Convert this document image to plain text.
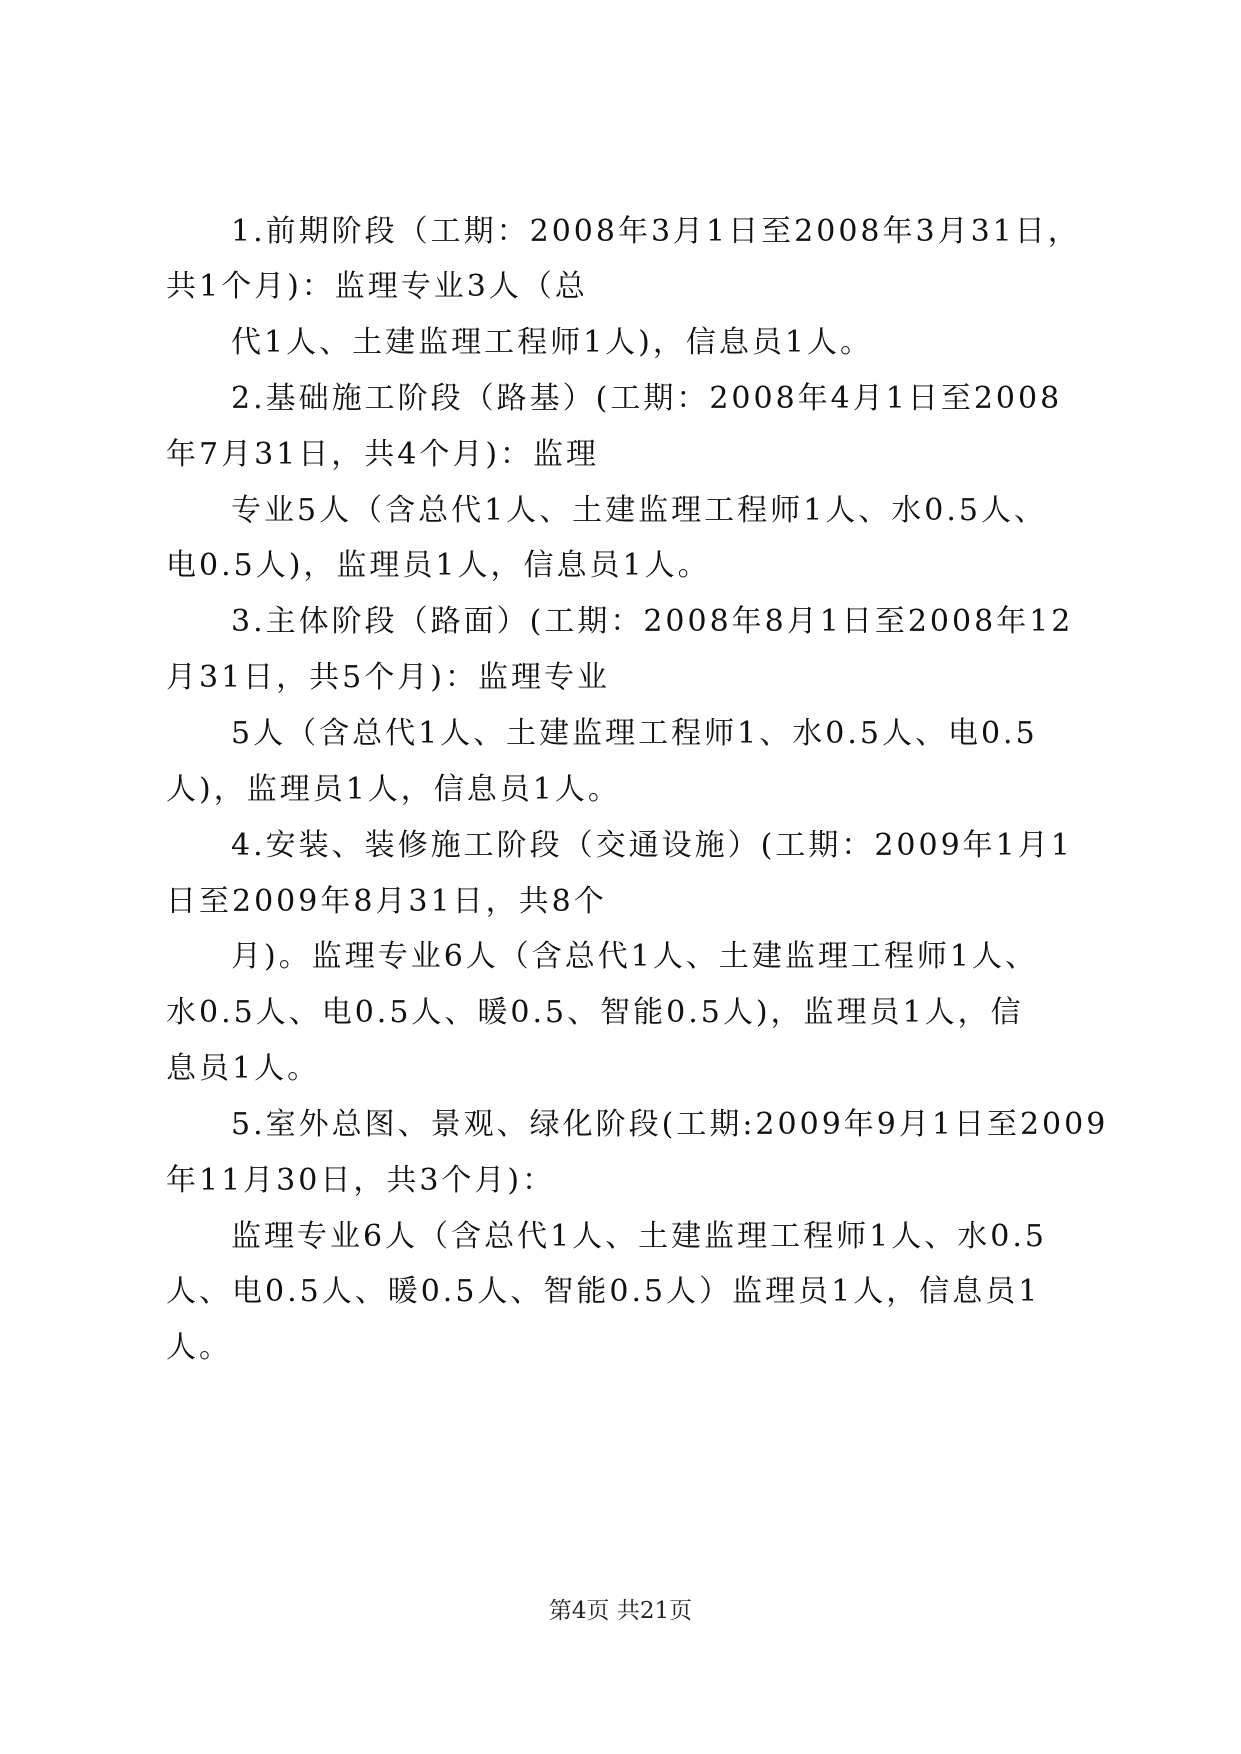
1.前期阶段（工期：2008年3月1日至2008年3月31日，
共1个月)：监理专业3人（总
代1人、土建监理工程师1人)，信息员1人。
2.基础施工阶段（路基）(工期：2008年4月1日至2008
年7月31日，共4个月)：监理
专业5人（含总代1人、土建监理工程师1人、水0.5人、
电0.5人)，监理员1人，信息员1人。
3.主体阶段（路面）(工期：2008年8月1日至2008年12
月31日，共5个月)：监理专业
5人（含总代1人、土建监理工程师1、水0.5人、电0.5
人)，监理员1人，信息员1人。
4.安装、装修施工阶段（交通设施）(工期：2009年1月1
日至2009年8月31日，共8个
月)。监理专业6人（含总代1人、土建监理工程师1人、
水0.5人、电0.5人、暖0.5、智能0.5人)，监理员1人，信
息员1人。
5.室外总图、景观、绿化阶段(工期:2009年9月1日至2009
年11月30日，共3个月)：
监理专业6人（含总代1人、土建监理工程师1人、水0.5
人、电0.5人、暖0.5人、智能0.5人）监理员1人，信息员1
人。
第4页 共21页
